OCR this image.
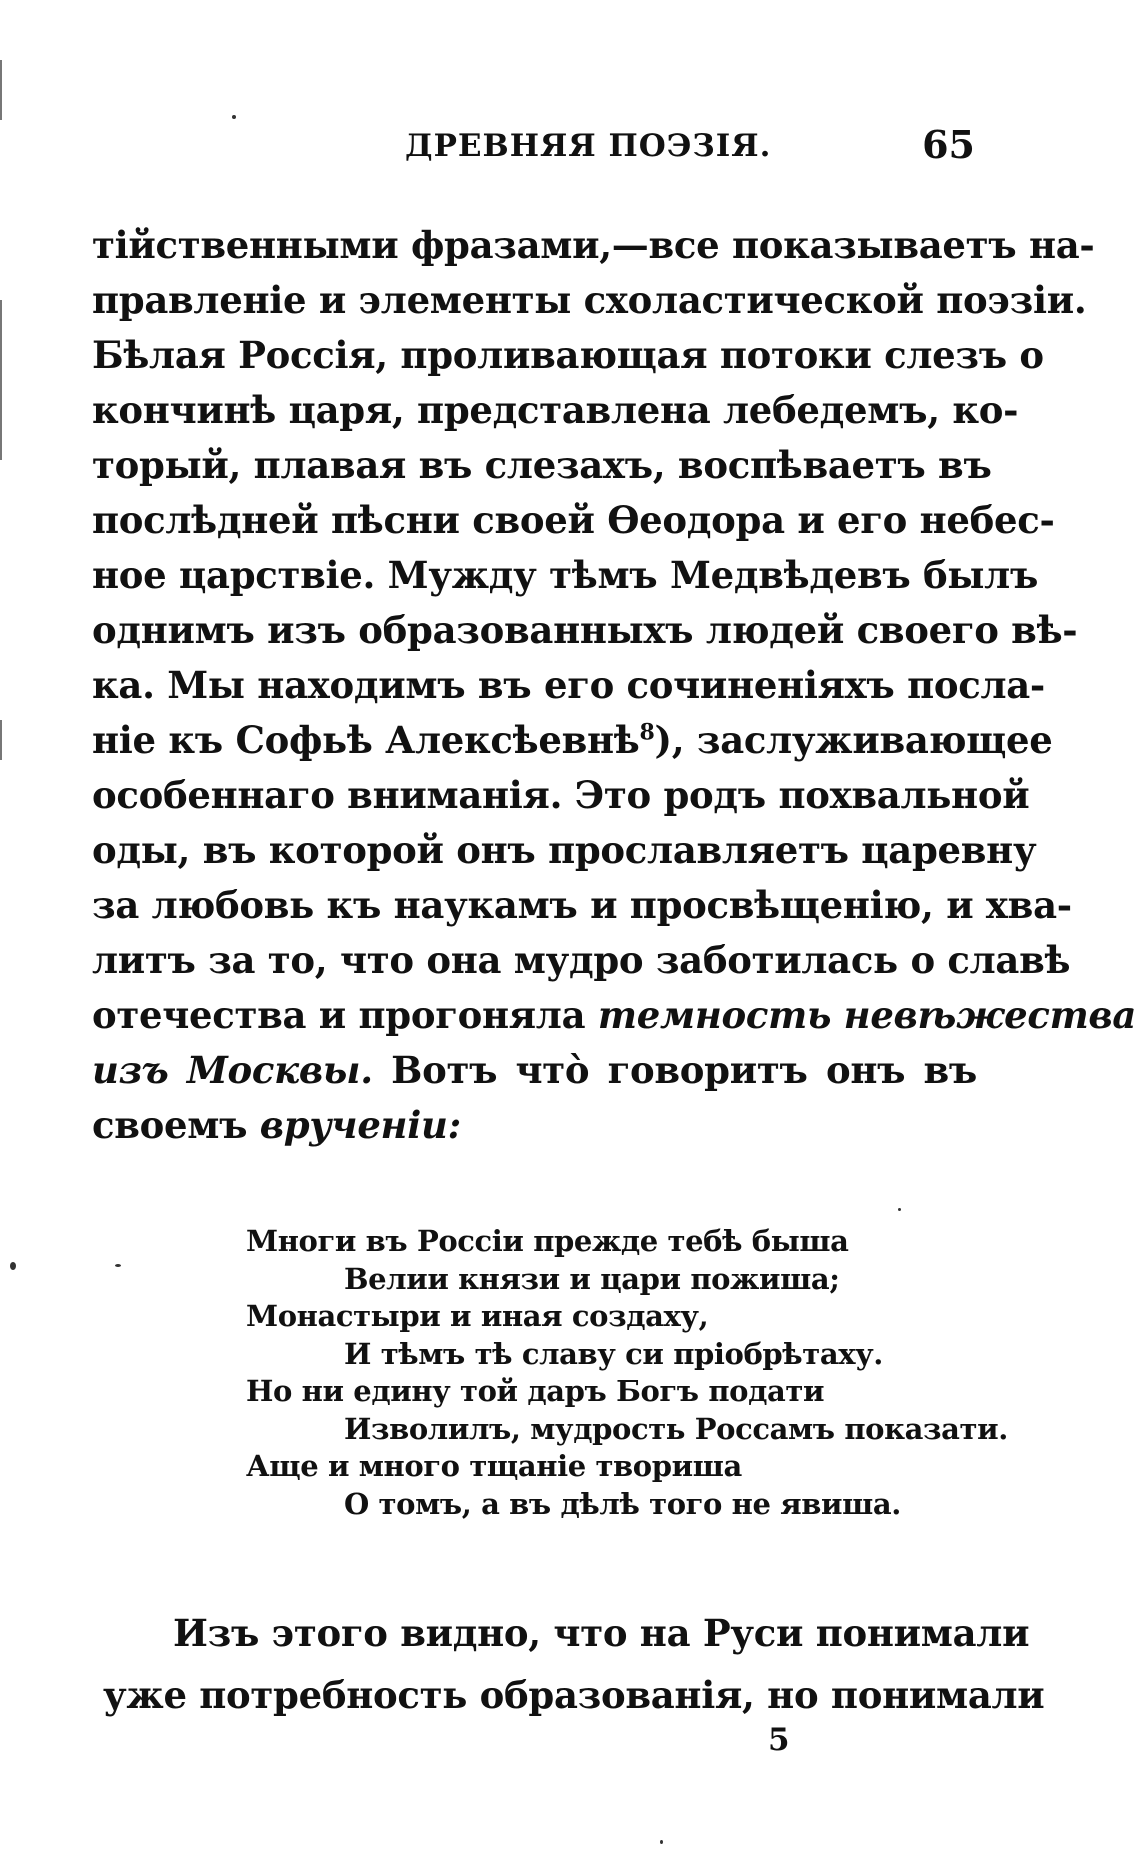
ДРЕВНЯЯ ПОЭЗІЯ.	65
тійственными фразами,—все показываетъ на-
правленіе и элементы схоластической поэзіи.
Бѣлая Россія, проливающая потоки слезъ о
кончинѣ царя, представлена лебедемъ, ко-
торый, плавая въ слезахъ, воспѣваетъ въ
послѣдней пѣсни своей Ѳеодора и его небес-
ное царствіе. Мужду тѣмъ Медвѣдевъ былъ
однимъ изъ образованныхъ людей своего вѣ-
ка. Мы находимъ въ его сочиненіяхъ посла-
ніе къ Софьѣ Алексѣевнѣ$^8$), заслуживающее
особеннаго вниманія. Это родъ похвальной
оды, въ которой онъ прославляетъ царевну
за любовь къ наукамъ и просвѣщенію, и хва-
литъ за то, что она мудро заботилась о славѣ
отечества и прогоняла темность невѣжества
изъ Москвы. Вотъ что̀ говоритъ онъ въ
своемъ врученіи:
Многи въ Россіи прежде тебѣ быша
Велии князи и цари пожиша;
Монастыри и иная создаху,
И тѣмъ тѣ славу си пріобрѣтаху.
Но ни едину той даръ Богъ подати
Изволилъ, мудрость Россамъ показати.
Аще и много тщаніе твориша
О томъ, а въ дѣлѣ того не явиша.
Изъ этого видно, что на Руси понимали
уже потребность образованія, но понимали
5
